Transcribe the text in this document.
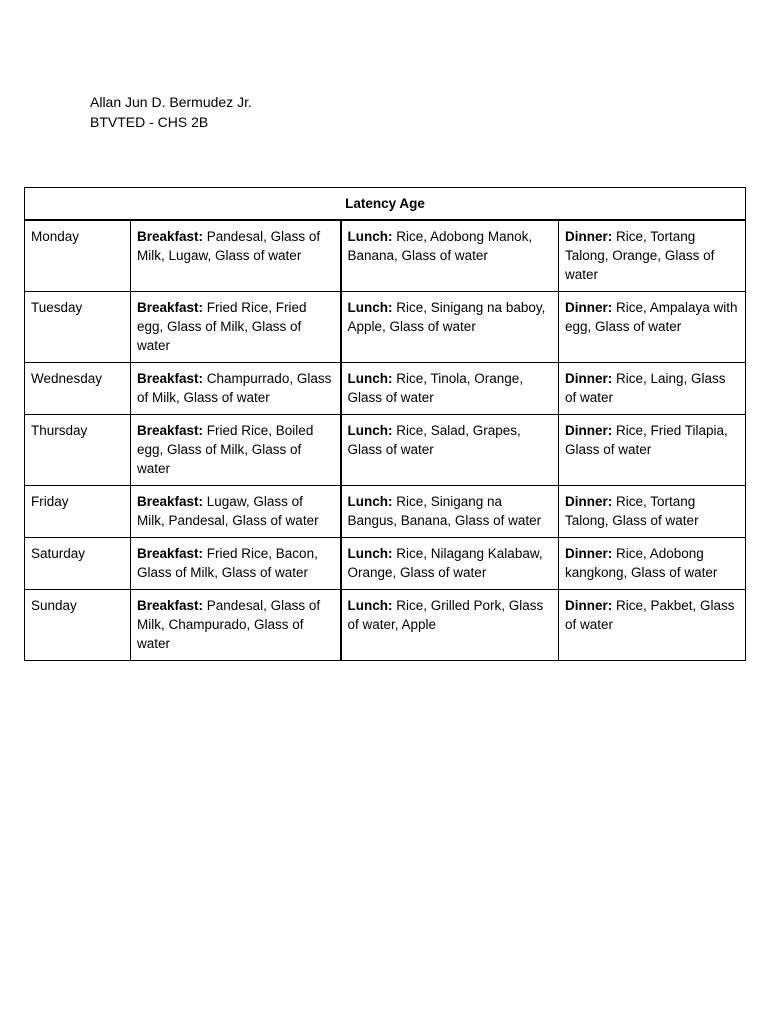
Allan Jun D. Bermudez Jr.
BTVTED - CHS 2B
Latency Age			
Monday	Breakfast: Pandesal, Glass of Milk, Lugaw, Glass of water	Lunch: Rice, Adobong Manok, Banana, Glass of water	Dinner: Rice, Tortang Talong, Orange, Glass of water
Tuesday	Breakfast: Fried Rice, Fried egg, Glass of Milk, Glass of water	Lunch: Rice, Sinigang na baboy, Apple, Glass of water	Dinner: Rice, Ampalaya with egg, Glass of water
Wednesday	Breakfast: Champurrado, Glass of Milk, Glass of water	Lunch: Rice, Tinola, Orange, Glass of water	Dinner: Rice, Laing, Glass of water
Thursday	Breakfast: Fried Rice, Boiled egg, Glass of Milk, Glass of water	Lunch: Rice, Salad, Grapes, Glass of water	Dinner: Rice, Fried Tilapia, Glass of water
Friday	Breakfast: Lugaw, Glass of Milk, Pandesal, Glass of water	Lunch: Rice, Sinigang na Bangus, Banana, Glass of water	Dinner: Rice, Tortang Talong, Glass of water
Saturday	Breakfast: Fried Rice, Bacon, Glass of Milk, Glass of water	Lunch: Rice, Nilagang Kalabaw, Orange, Glass of water	Dinner: Rice, Adobong kangkong, Glass of water
Sunday	Breakfast: Pandesal, Glass of Milk, Champurado, Glass of water	Lunch: Rice, Grilled Pork, Glass of water, Apple	Dinner: Rice, Pakbet, Glass of water
